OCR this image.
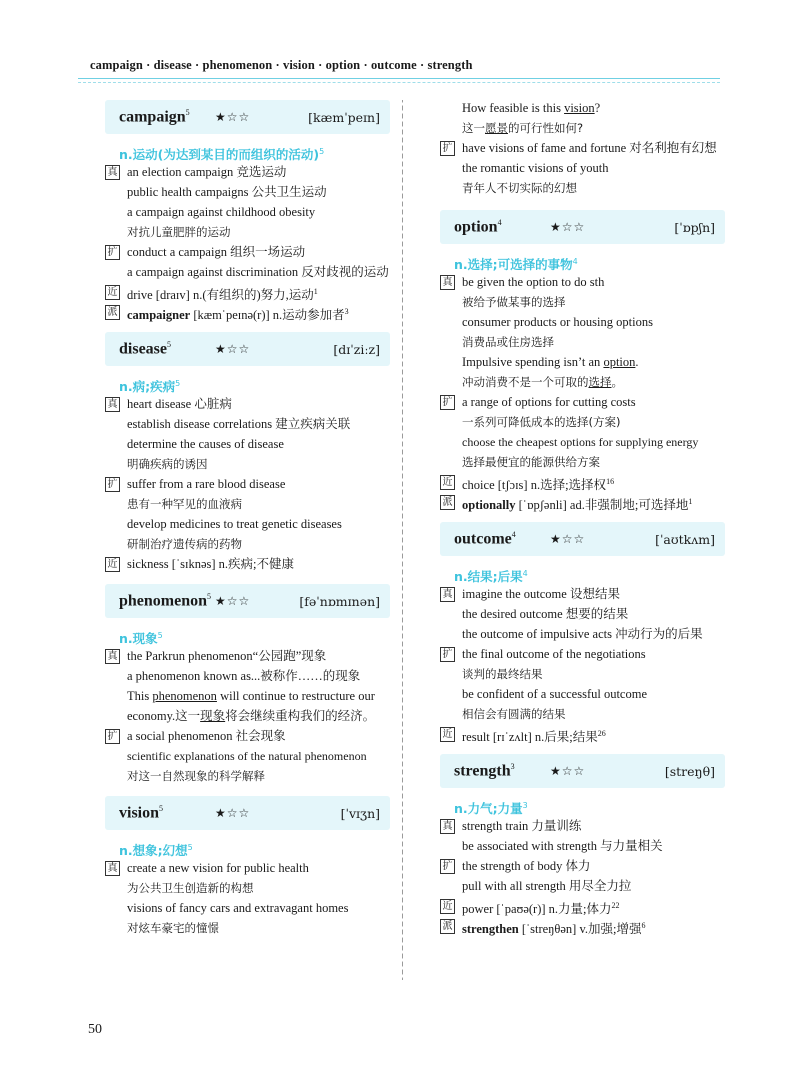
campaign · disease · phenomenon · vision · option · outcome · strength
campaign$^5$ ★☆☆	[kæmˈpeɪn]
n.运动(为达到某目的而组织的活动)$^5$
真 an election campaign 竞选运动
public health campaigns 公共卫生运动
a campaign against childhood obesity
对抗儿童肥胖的运动
扩 conduct a campaign 组织一场运动
a campaign against discrimination 反对歧视的运动
近 drive [draɪv] n.(有组织的)努力,运动$^1$
派 campaigner [kæmˈpeɪnə(r)] n.运动参加者$^3$
disease$^5$	★☆☆	[dɪˈziːz]
n.病;疾病$^5$
真 heart disease 心脏病
establish disease correlations 建立疾病关联
determine the causes of disease
明确疾病的诱因
扩 suffer from a rare blood disease
患有一种罕见的血液病
develop medicines to treat genetic diseases
研制治疗遗传病的药物
近 sickness [ˈsɪknəs] n.疾病;不健康
phenomenon$^5$ ★☆☆	[fəˈnɒmɪnən]
n.现象$^5$
真 the Parkrun phenomenon“公园跑”现象
a phenomenon known as...被称作……的现象
This phenomenon will continue to restructure our
economy.这一现象将会继续重构我们的经济。
扩 a social phenomenon 社会现象
scientific explanations of the natural phenomenon
对这一自然现象的科学解释
vision$^5$	★☆☆	[ˈvɪʒn]
n.想象;幻想$^5$
真 create a new vision for public health
为公共卫生创造新的构想
visions of fancy cars and extravagant homes
对炫车豪宅的憧憬
How feasible is this vision?
这一愿景的可行性如何?
扩 have visions of fame and fortune 对名利抱有幻想
the romantic visions of youth
青年人不切实际的幻想
option$^4$	★☆☆	[ˈɒpʃn]
n.选择;可选择的事物$^4$
真 be given the option to do sth
被给予做某事的选择
consumer products or housing options
消费品或住房选择
Impulsive spending isn’t an option.
冲动消费不是一个可取的选择。
扩 a range of options for cutting costs
一系列可降低成本的选择(方案)
choose the cheapest options for supplying energy
选择最便宜的能源供给方案
近 choice [tʃɔɪs] n.选择;选择权$^{16}$
派 optionally [ˈɒpʃənli] ad.非强制地;可选择地$^1$
outcome$^4$	★☆☆	[ˈaʊtkʌm]
n.结果;后果$^4$
真 imagine the outcome 设想结果
the desired outcome 想要的结果
the outcome of impulsive acts 冲动行为的后果
扩 the final outcome of the negotiations
谈判的最终结果
be confident of a successful outcome
相信会有圆满的结果
近 result [rɪˈzʌlt] n.后果;结果$^{26}$
strength$^3$	★☆☆	[streŋθ]
n.力气;力量$^3$
真 strength train 力量训练
be associated with strength 与力量相关
扩 the strength of body 体力
pull with all strength 用尽全力拉
近 power [ˈpaʊə(r)] n.力量;体力$^{22}$
派 strengthen [ˈstreŋθən] v.加强;增强$^6$
50
